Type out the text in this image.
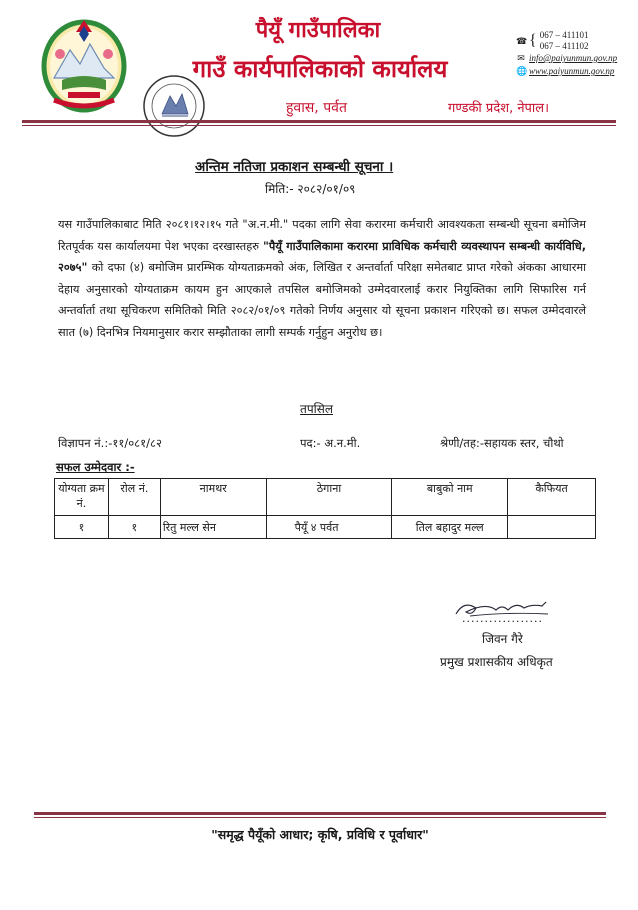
पैयूँ गाउँपालिका
गाउँ कार्यपालिकाको कार्यालय
हुवास, पर्वत	गण्डकी प्रदेश, नेपाल।
☎ { 067 – 411101
067 – 411102
✉ info@paiyunmun.gov.np
🌐 www.paiyunmun.gov.np
अन्तिम नतिजा प्रकाशन सम्बन्धी सूचना ।
मिति:- २०८२/०१/०९
यस गाउँपालिकाबाट मिति २०८१।१२।१५ गते "अ.न.मी." पदका लागि सेवा करारमा कर्मचारी आवश्यकता सम्बन्धी सूचना बमोजिम रितपूर्वक यस कार्यालयमा पेश भएका दरखास्तहरु "पैयूँ गाउँपालिकामा करारमा प्राविधिक कर्मचारी व्यवस्थापन सम्बन्धी कार्यविधि, २०७५" को दफा (४) बमोजिम प्रारम्भिक योग्यताक्रमको अंक, लिखित र अन्तर्वार्ता परिक्षा समेतबाट प्राप्त गरेको अंकका आधारमा देहाय अनुसारको योग्यताक्रम कायम हुन आएकाले तपसिल बमोजिमको उम्मेदवारलाई करार नियुक्तिका लागि सिफारिस गर्न अन्तर्वार्ता तथा सूचिकरण समितिको मिति २०८२/०१/०९ गतेको निर्णय अनुसार यो सूचना प्रकाशन गरिएको छ। सफल उम्मेदवारले सात (७) दिनभित्र नियमानुसार करार सम्झौताका लागी सम्पर्क गर्नुहुन अनुरोध छ।
तपसिल
विज्ञापन नं.:-११/०८१/८२	पद:- अ.न.मी.	श्रेणी/तह:-सहायक स्तर, चौथो
सफल उम्मेदवार :-
योग्यता क्रम नं.	रोल नं.	नामथर	ठेगाना	बाबुको नाम	कैफियत
१	१	रितु मल्ल सेन	पैयूँ ४ पर्वत	तिल बहादुर मल्ल	
..................
जिवन गैरे
प्रमुख प्रशासकीय अधिकृत
"समृद्ध पैयूँको आधार; कृषि, प्रविधि र पूर्वाधार"
